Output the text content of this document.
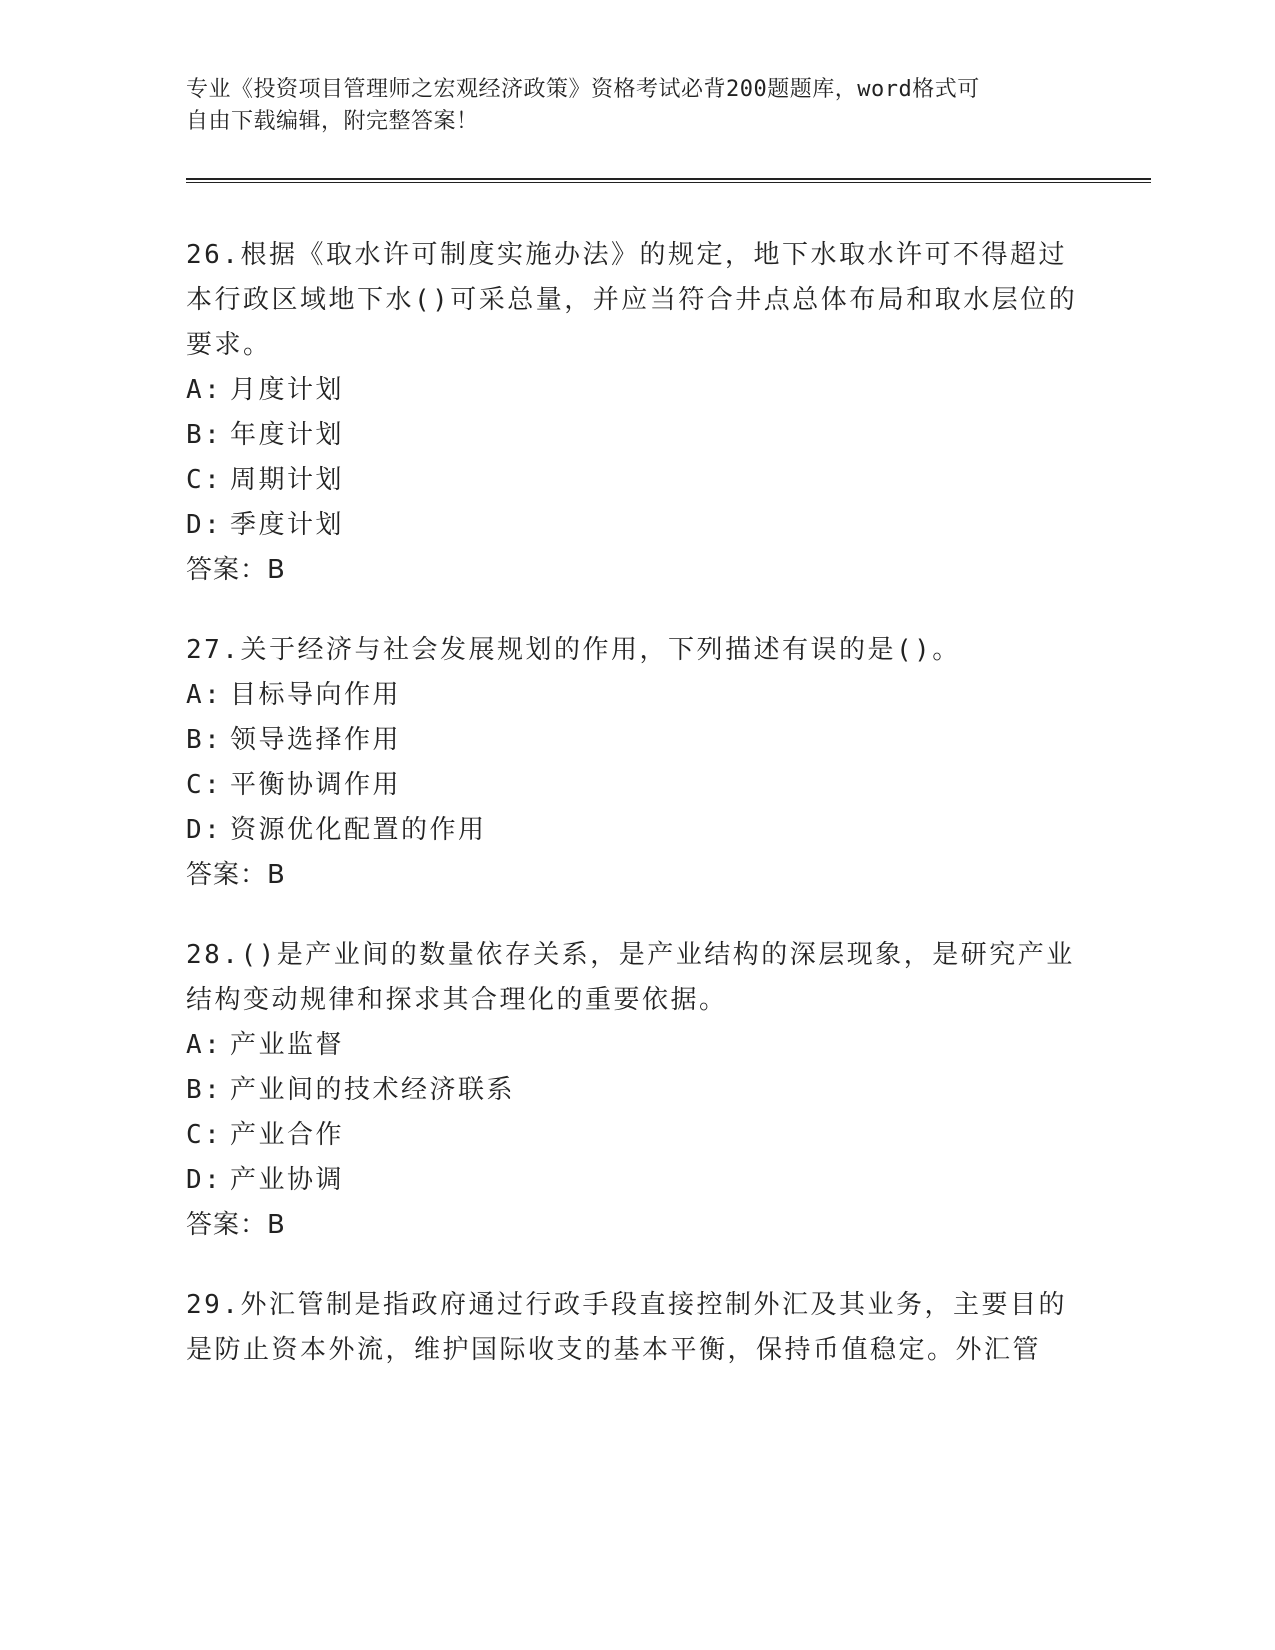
专业《投资项目管理师之宏观经济政策》资格考试必背200题题库，word格式可
自由下载编辑，附完整答案！

26.根据《取水许可制度实施办法》的规定，地下水取水许可不得超过本行政区域地下水()可采总量，并应当符合井点总体布局和取水层位的要求。

A: 月度计划
B: 年度计划
C: 周期计划
D: 季度计划

答案：B

27.关于经济与社会发展规划的作用，下列描述有误的是()。

A: 目标导向作用
B: 领导选择作用
C: 平衡协调作用
D: 资源优化配置的作用

答案：B

28.()是产业间的数量依存关系，是产业结构的深层现象，是研究产业结构变动规律和探求其合理化的重要依据。

A: 产业监督
B: 产业间的技术经济联系
C: 产业合作
D: 产业协调

答案：B

29.外汇管制是指政府通过行政手段直接控制外汇及其业务，主要目的是防止资本外流，维护国际收支的基本平衡，保持币值稳定。外汇管
